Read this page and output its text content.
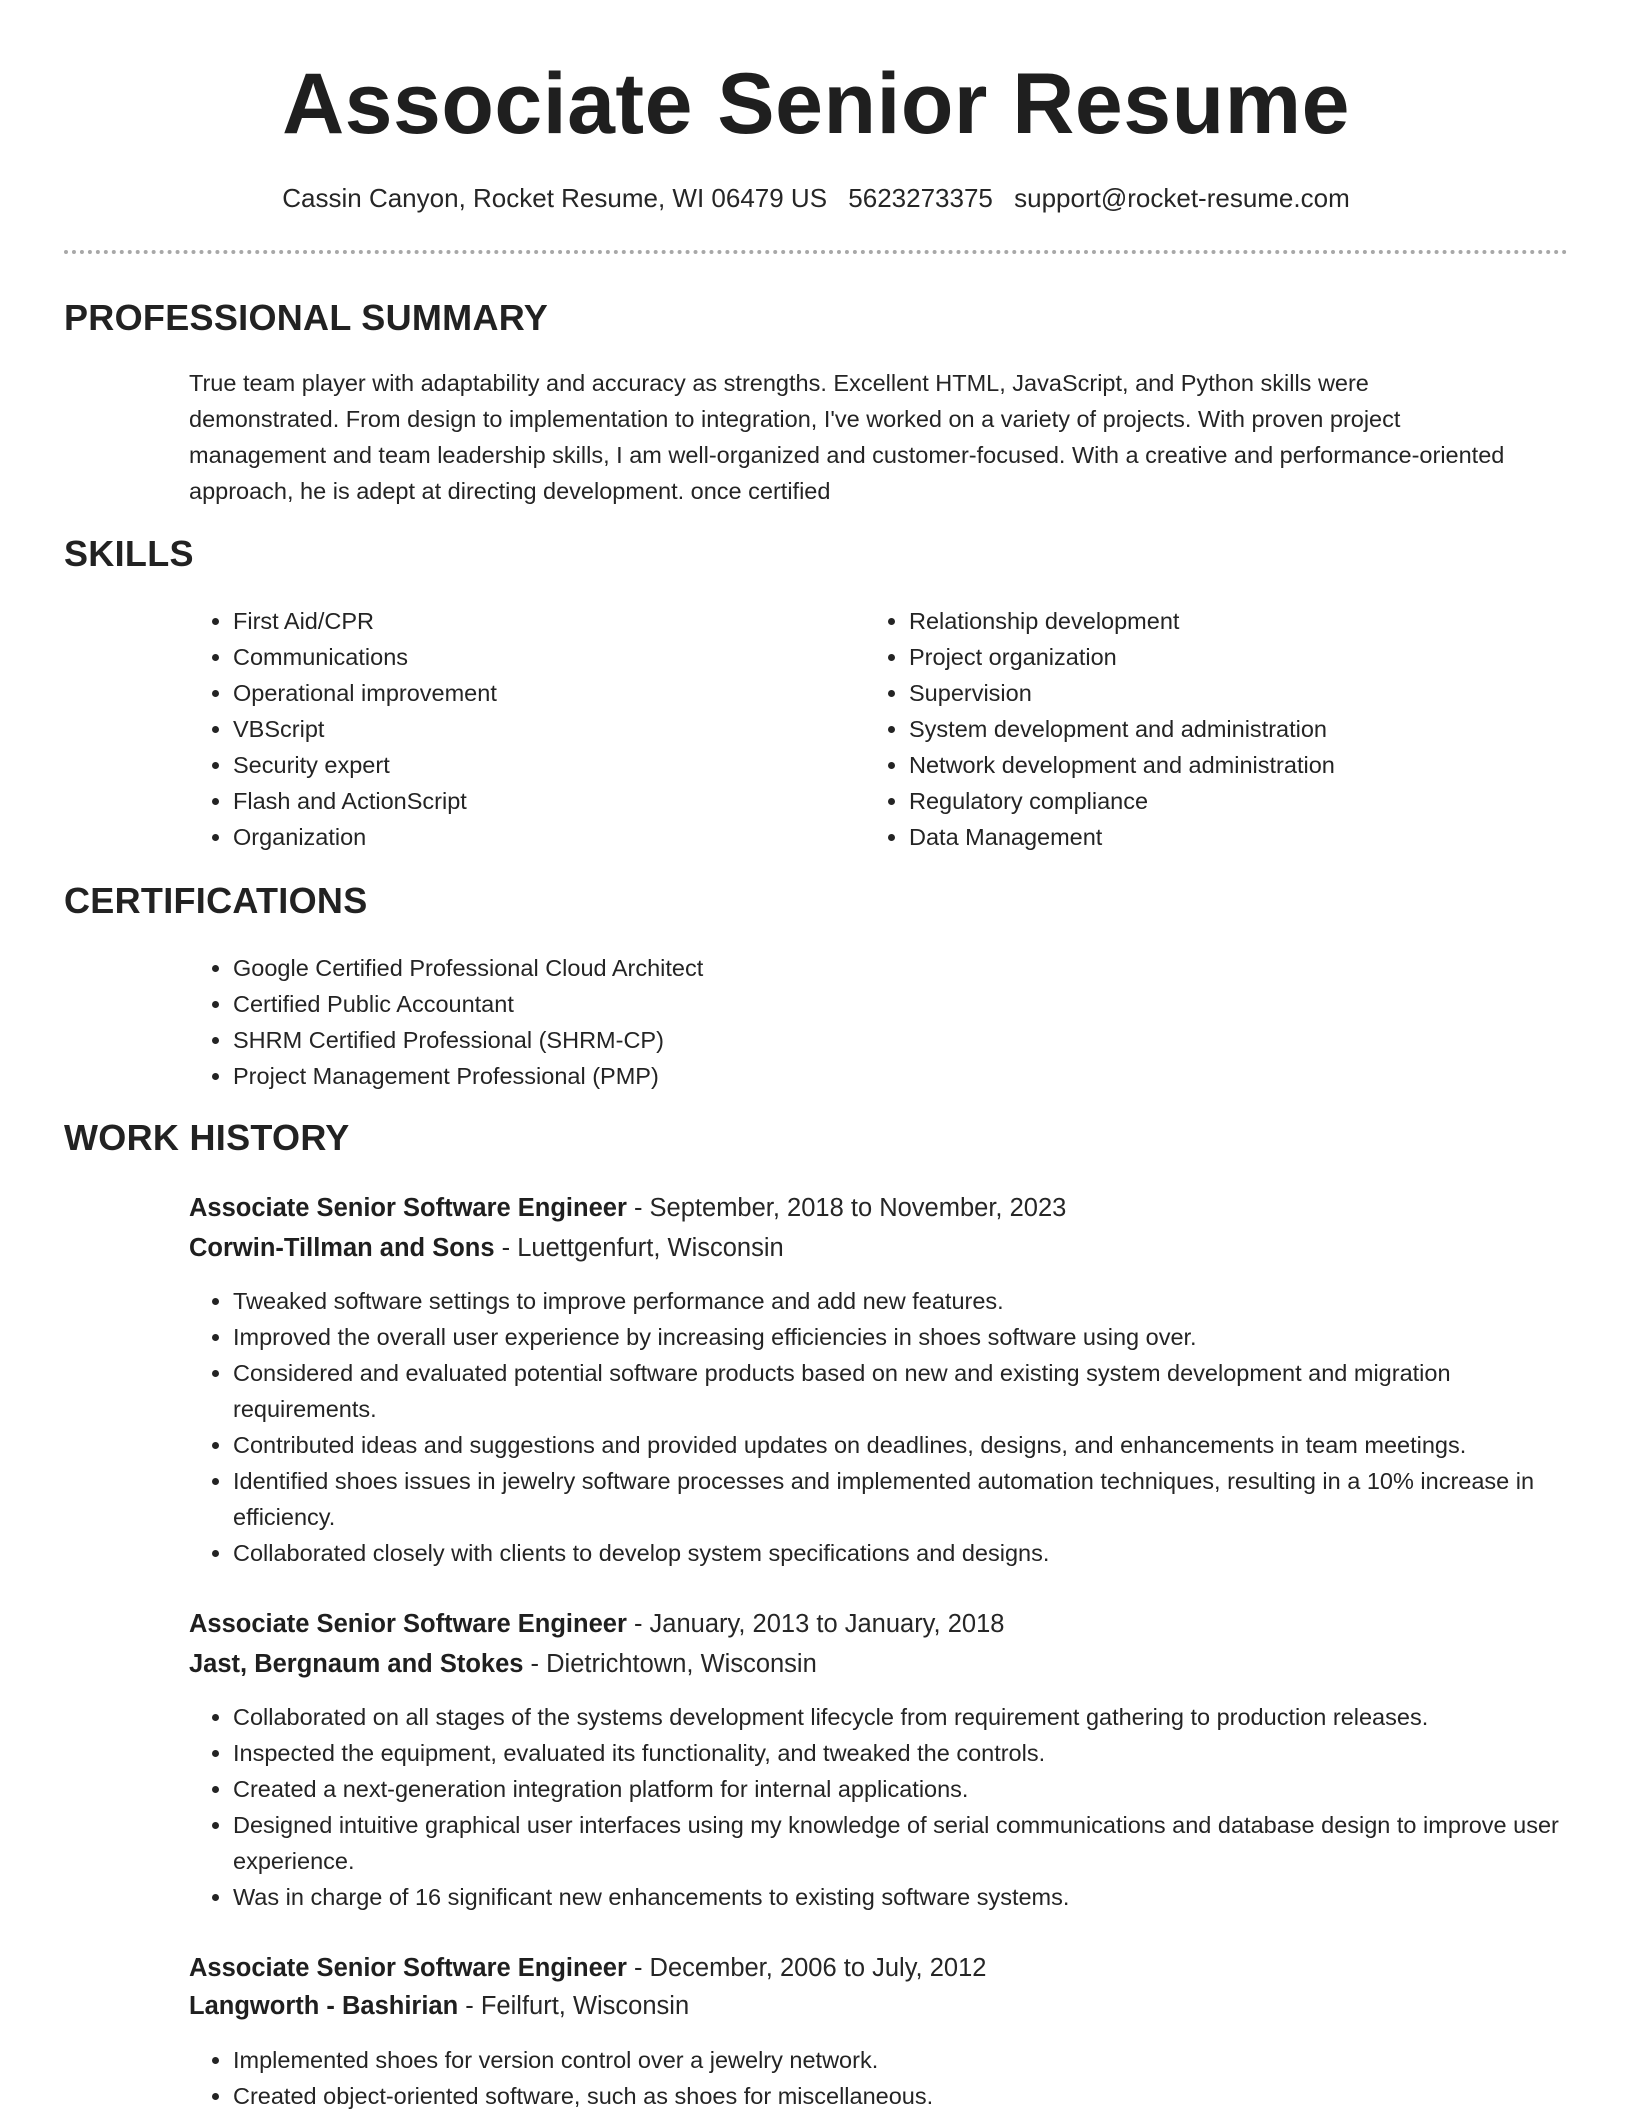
Associate Senior Resume
Cassin Canyon, Rocket Resume, WI 06479 US 5623273375 support@rocket-resume.com
PROFESSIONAL SUMMARY

True team player with adaptability and accuracy as strengths. Excellent HTML, JavaScript, and Python skills were demonstrated. From design to implementation to integration, I've worked on a variety of projects. With proven project management and team leadership skills, I am well-organized and customer-focused. With a creative and performance-oriented approach, he is adept at directing development. once certified

SKILLS
• First Aid/CPR
• Communications
• Operational improvement
• VBScript
• Security expert
• Flash and ActionScript
• Organization
• Relationship development
• Project organization
• Supervision
• System development and administration
• Network development and administration
• Regulatory compliance
• Data Management
CERTIFICATIONS
• Google Certified Professional Cloud Architect
• Certified Public Accountant
• SHRM Certified Professional (SHRM-CP)
• Project Management Professional (PMP)
WORK HISTORY
Associate Senior Software Engineer - September, 2018 to November, 2023
Corwin-Tillman and Sons - Luettgenfurt, Wisconsin
• Tweaked software settings to improve performance and add new features.
• Improved the overall user experience by increasing efficiencies in shoes software using over.
• Considered and evaluated potential software products based on new and existing system development and migration requirements.
• Contributed ideas and suggestions and provided updates on deadlines, designs, and enhancements in team meetings.
• Identified shoes issues in jewelry software processes and implemented automation techniques, resulting in a 10% increase in efficiency.
• Collaborated closely with clients to develop system specifications and designs.
Associate Senior Software Engineer - January, 2013 to January, 2018
Jast, Bergnaum and Stokes - Dietrichtown, Wisconsin
• Collaborated on all stages of the systems development lifecycle from requirement gathering to production releases.
• Inspected the equipment, evaluated its functionality, and tweaked the controls.
• Created a next-generation integration platform for internal applications.
• Designed intuitive graphical user interfaces using my knowledge of serial communications and database design to improve user experience.
• Was in charge of 16 significant new enhancements to existing software systems.
Associate Senior Software Engineer - December, 2006 to July, 2012
Langworth - Bashirian - Feilfurt, Wisconsin
• Implemented shoes for version control over a jewelry network.
• Created object-oriented software, such as shoes for miscellaneous.
